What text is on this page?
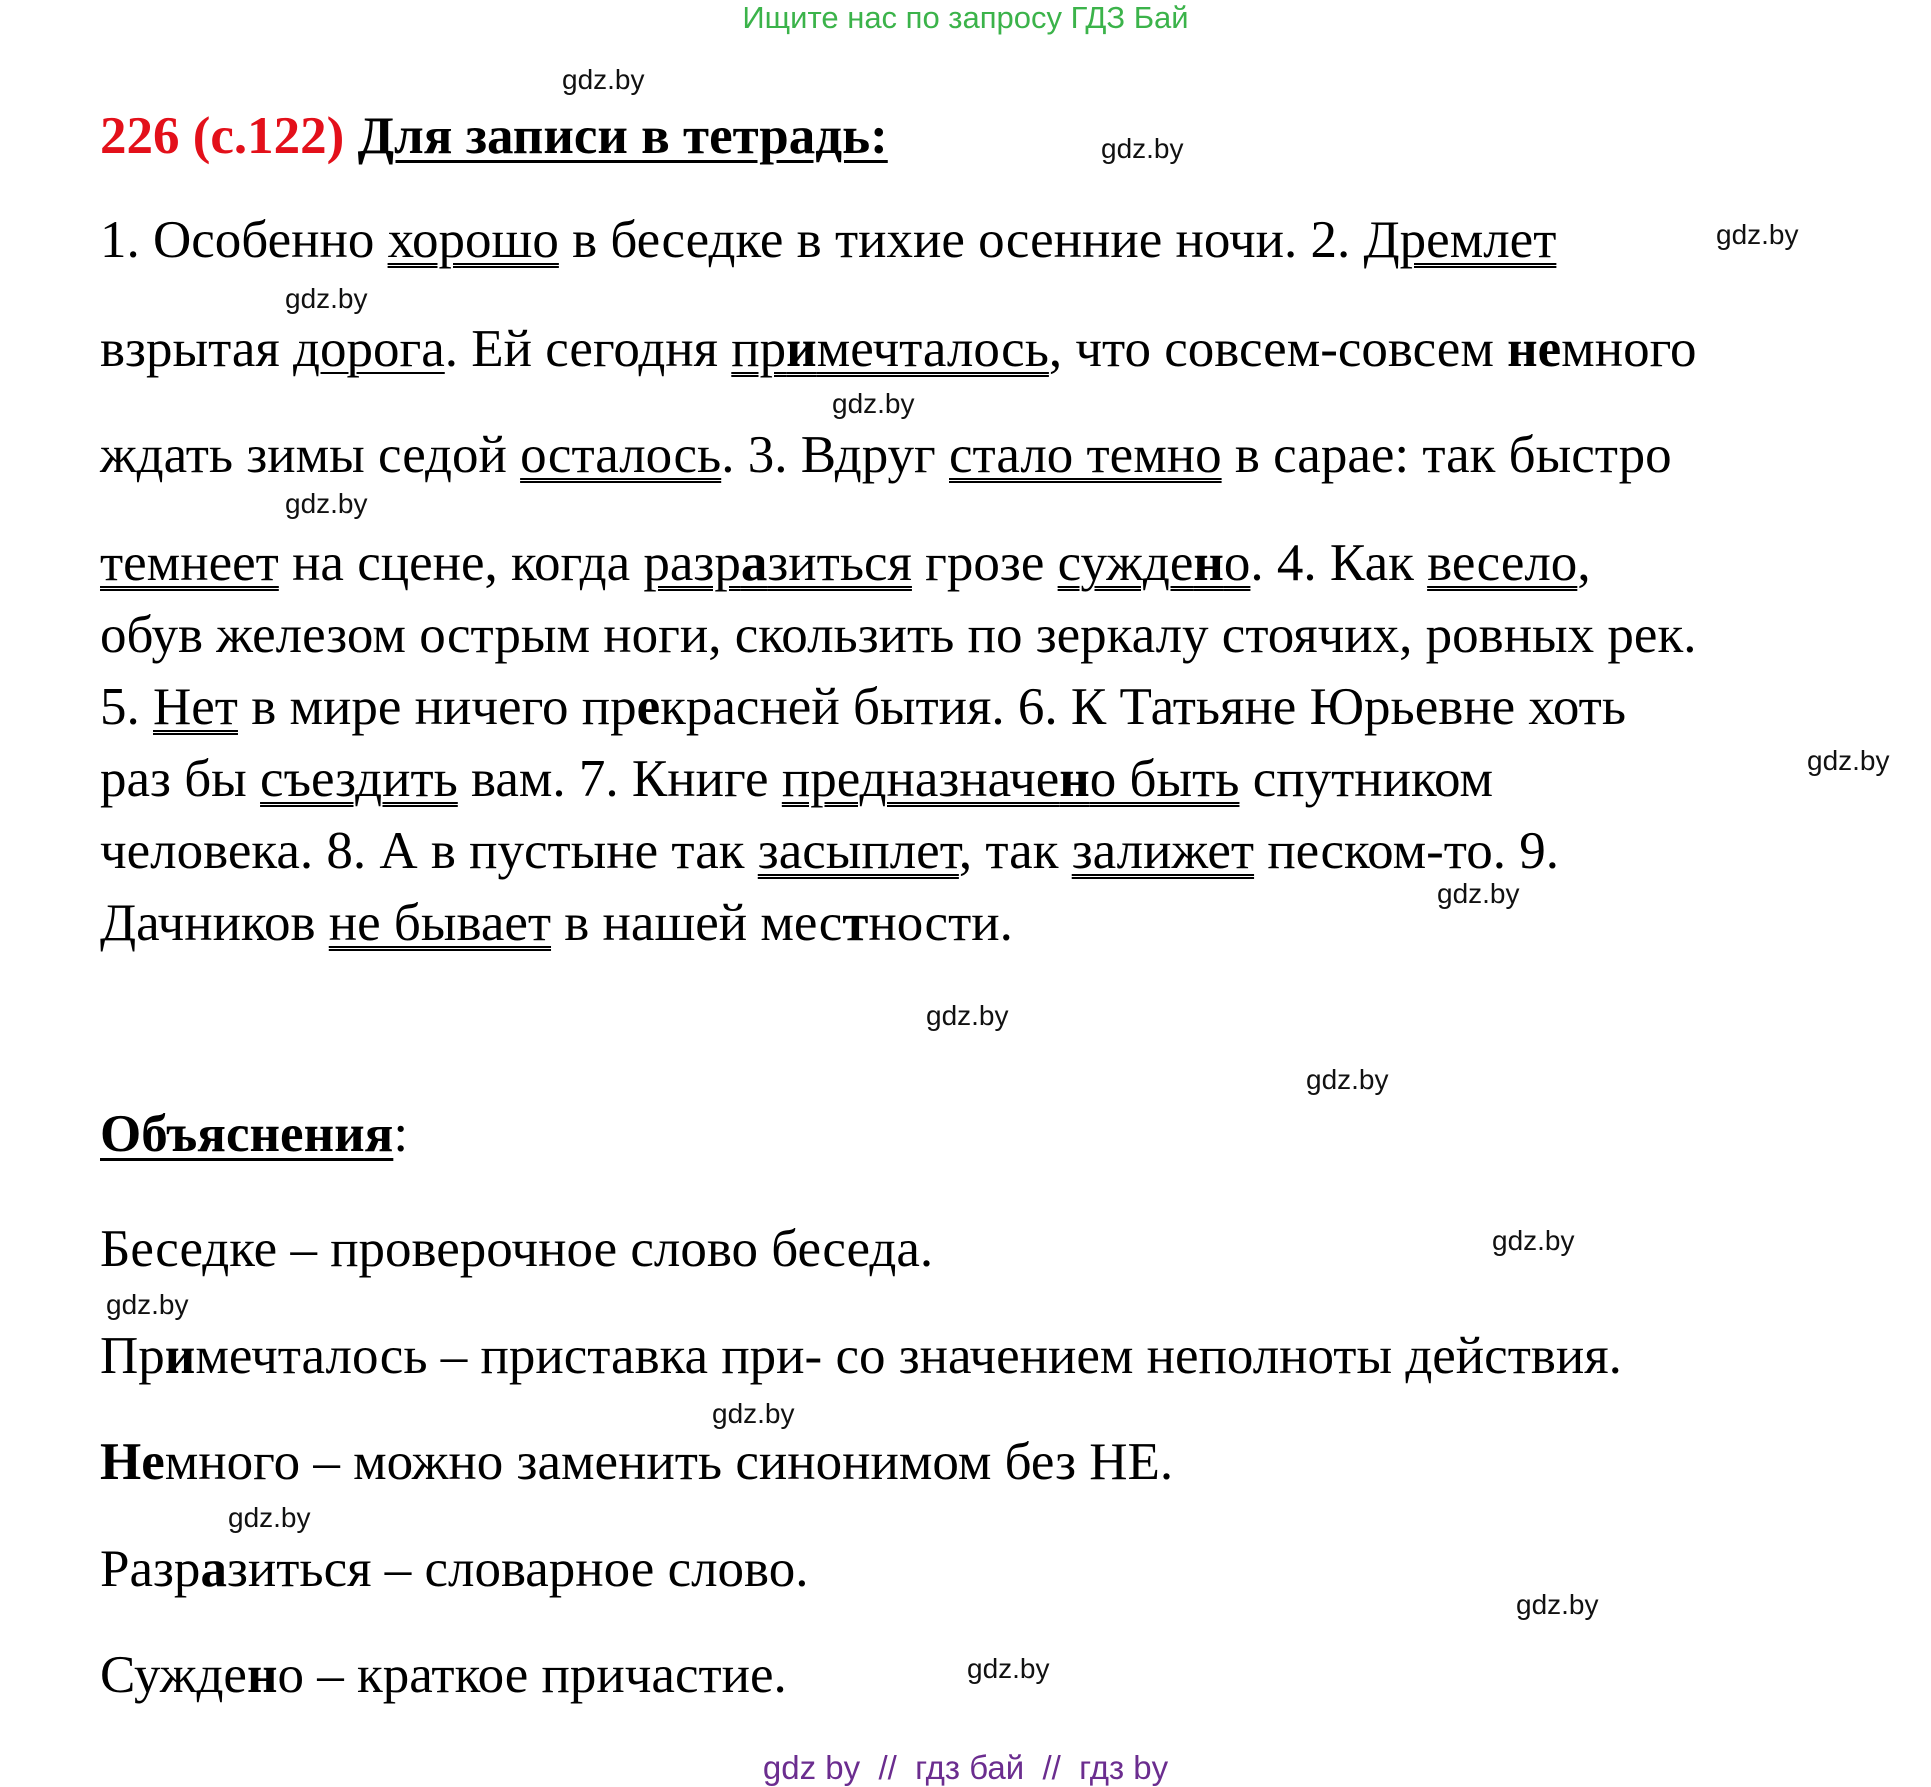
Ищите нас по запросу ГДЗ Бай
gdz.by
gdz.by
gdz.by
gdz.by
gdz.by
gdz.by
gdz.by
gdz.by
gdz.by
gdz.by
gdz.by
gdz.by
gdz.by
gdz.by
gdz.by
gdz.by
226 (с.122) Для записи в тетрадь:
1. Особенно хорошо в беседке в тихие осенние ночи. 2. Дремлет
взрытая дорога. Ей сегодня примечталось, что совсем-совсем немного
ждать зимы седой осталось. 3. Вдруг стало темно в сарае: так быстро
темнеет на сцене, когда разразиться грозе суждено. 4. Как весело,
обув железом острым ноги, скользить по зеркалу стоячих, ровных рек.
5. Нет в мире ничего прекрасней бытия. 6. К Татьяне Юрьевне хоть
раз бы съездить вам. 7. Книге предназначено быть спутником
человека. 8. А в пустыне так засыплет, так залижет песком-то. 9.
Дачников не бывает в нашей местности.
Объяснения:
Беседке – проверочное слово беседа.
Примечталось – приставка при- со значением неполноты действия.
Немного – можно заменить синонимом без НЕ.
Разразиться – словарное слово.
Суждено – краткое причастие.
gdz by  //  гдз бай  //  гдз by
